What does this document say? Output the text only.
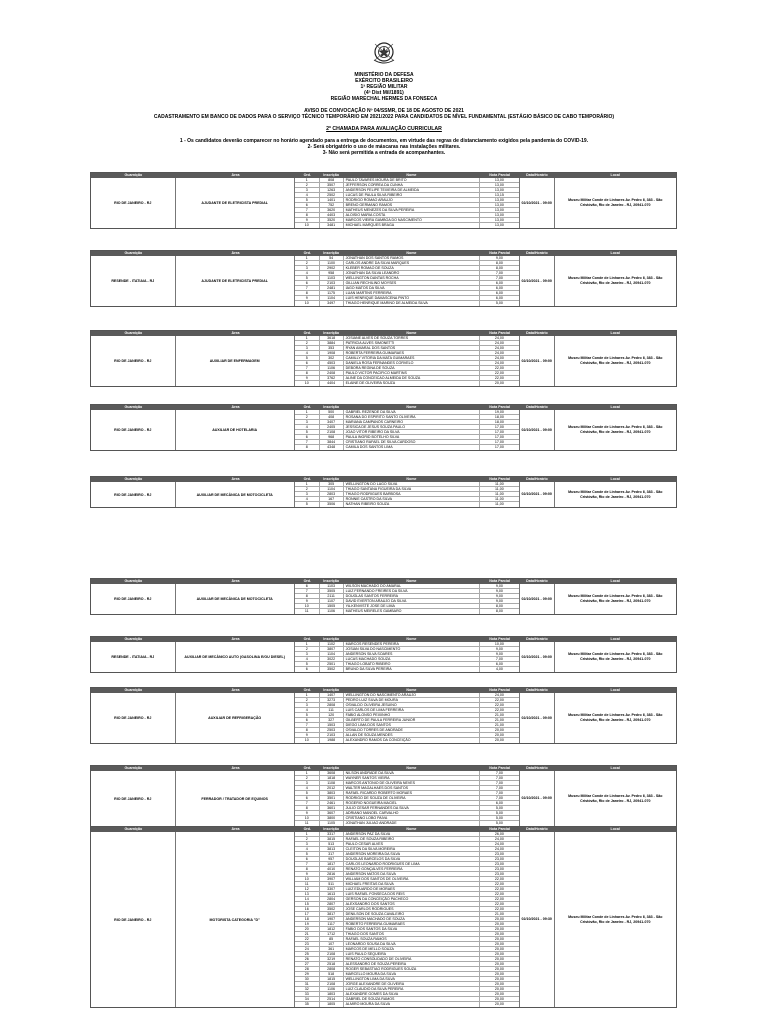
MINISTÉRIO DA DEFESA
EXÉRCITO BRASILEIRO
1ª REGIÃO MILITAR
(4ª Dist Mil/1891)
REGIÃO MARECHAL HERMES DA FONSECA
AVISO DE CONVOCAÇÃO Nº 04/SSMR, DE 18 DE AGOSTO DE 2021
CADASTRAMENTO EM BANCO DE DADOS PARA O SERVIÇO TÉCNICO TEMPORÁRIO EM 2021/2022 PARA CANDIDATOS DE NÍVEL FUNDAMENTAL (ESTÁGIO BÁSICO DE CABO TEMPORÁRIO)
2ª CHAMADA PARA AVALIAÇÃO CURRICULAR
1 - Os candidatos deverão comparecer no horário agendado para a entrega de documentos, em virtude das regras de distanciamento exigidos pela pandemia do COVID-19.
2- Será obrigatório o uso de máscaras nas instalações militares.
3- Não será permitida a entrada de acompanhantes.
Guarnição	Área	Ord.	Inscrição	Nome	Nota Parcial	Data/Horário	Local
RIO DE JANEIRO - RJ	AJUDANTE DE ELETRICISTA PREDIAL
1	808	PAULO TAVARES MOURA DE BRITO	13,00
2	3507	JEFFERSON CORREA DA CUNHA	13,00
3	1263	ANDERSON FELIPE TEIXEIRA DE ALMEIDA	13,00
4	2502	LUCAS DE PAULA SILVA RIBEIRO	13,15
5	1401	RODRIGO ROMAO ARAUJO	13,00
6	752	BRENO GERMANO RAMOS	13,00
7	3620	MATHEUS MENEZES DA SILVA PEREIRA	13,00
8	4403	ALOISIO MARIA COSTA	13,00
9	3520	MARCOS VIEIRA GAMBOA DO NASCIMENTO	13,00
10	3481	MICHAEL MARQUES BRAGA	13,00
02/10/2021 - 09:00
Museu Militar Conde de Linhares Av. Pedro II, 383 - São Cristóvão, Rio de Janeiro - RJ, 20941-070
Guarnição	Área	Ord.	Inscrição	Nome	Nota Parcial	Data/Horário	Local
RESENDE - ITATIAIA - RJ	AJUDANTE DE ELETRICISTA PREDIAL
1	54	JONATHAN DOS SANTOS RAMOS	9,00
2	1100	CARLOS ANDRE DA SILVA MARQUES	8,00
3	2902	KLEBER ROMAO DE SOUZA	8,00
4	958	JONATHAN DA SILVA LEANDRO	7,00
5	1103	WELLINGTON DANTAS ROCHA	7,00
6	2103	GILLIAN RECHILINO MOYSES	6,00
7	2481	IAGO MATOS DA SILVA	6,00
8	1175	LUAN MARTINS FERREIRA	6,00
9	1104	LUIS HENRIQUE DAMASCENA PINTO	6,00
10	3497	THIAGO HENRIQUE MARINO DE ALMEIDA SILVA	5,00
02/10/2021 - 09:00
Museu Militar Conde de Linhares Av. Pedro II, 383 - São Cristóvão, Rio de Janeiro - RJ, 20941-070
Guarnição	Área	Ord.	Inscrição	Nome	Nota Parcial	Data/Horário	Local
RIO DE JANEIRO - RJ	AUXILIAR DE ENFERMAGEM
1	3618	JOSIANE ALVES DE SOUZA TORRES	24,00
2	3884	PATRICIA ALVES SIMONETTI	24,00
3	353	RYAN AMARAL DOS SANTOS	24,00
4	1908	ROBERTA FERREIRA GUIMARAES	24,00
5	302	CAMILLY VITORIA DA MATA GUIMARAES	24,00
6	4503	DANIELA ROSA FERNANDES CORVELO	24,00
7	1106	DEBORA REGINA DE SOUZA	22,00
8	2408	PAULO VICTOR PACIFICO MARTINS	22,00
9	3762	ALINE DA CONCEICAO ALMEIDA DE SOUZA	22,00
10	4404	ELAINE DE OLIVEIRA SOUZA	20,00
02/10/2021 - 09:00
Museu Militar Conde de Linhares Av. Pedro II, 383 - São Cristóvão, Rio de Janeiro - RJ, 20941-070
Guarnição	Área	Ord.	Inscrição	Nome	Nota Parcial	Data/Horário	Local
RIO DE JANEIRO - RJ	AUXILIAR DE HOTELARIA
1	500	GABRIEL REZENDE DA SILVA	19,00
2	408	ROSANA DO ESPIRITO SANTO OLIVEIRA	18,00
3	3407	MARIANA CAMPANÓS CARNEIRO	18,00
4	2405	JESSICA DE JESUS SOUZA PAULO	17,00
5	2108	JOAO VITOR RIBEIRO DA SILVA	17,00
6	968	PAULA INGRID BOTELHO SILVA	17,00
7	3844	CRISTIANO RAFAEL DE SILVA CARDOSO	17,00
8	4348	CAMILA DOS SANTOS LIMA	17,00
02/10/2021 - 09:00
Museu Militar Conde de Linhares Av. Pedro II, 383 - São Cristóvão, Rio de Janeiro - RJ, 20941-070
Guarnição	Área	Ord.	Inscrição	Nome	Nota Parcial	Data/Horário	Local
RIO DE JANEIRO - RJ	AUXILIAR DE MECÂNICA DE MOTOCICLETA
1	305	WELLINGTON DO LAGO SILVA	11,00
2	1104	THIAGO SANTANA FIGUEIRA DA SILVA	11,00
3	2803	THIAGO RODRIGUES BARBOSA	11,00
4	167	RONNIE CASTRO DA SILVA	11,00
5	3506	NATHAN RIBEIRO SOUZA	11,00
02/10/2021 - 09:00
Museu Militar Conde de Linhares Av. Pedro II, 383 - São Cristóvão, Rio de Janeiro - RJ, 20941-070
Guarnição	Área	Ord.	Inscrição	Nome	Nota Parcial	Data/Horário	Local
RIO DE JANEIRO - RJ	AUXILIAR DE MECÂNICA DE MOTOCICLETA
6	1103	WILSON MACHADO DO AMARAL	9,00
7	3505	LUIZ FERNANDO FREIRES DA SILVA	9,00
8	2111	DOUGLAS SANTOS FERREIRA	9,00
9	1107	DAVID EVERTON ARAUJO DA SILVA	9,00
10	1505	YA-KENVISTE JOSE DE LIMA	8,00
11	1106	MATHEUS MEIRELES GAMBARO	8,00
02/10/2021 - 09:00
Museu Militar Conde de Linhares Av. Pedro II, 383 - São Cristóvão, Rio de Janeiro - RJ, 20941-070
Guarnição	Área	Ord.	Inscrição	Nome	Nota Parcial	Data/Horário	Local
RESENDE - ITATIAIA - RJ	AUXILIAR DE MECÂNICO AUTO (GASOLINA E/OU DIESEL)
1	1102	MARCOS RESENDES PEREIRA	10,00
2	3807	JOSIAN SILVA DO NASCIMENTO	9,00
3	1104	ANDERSON SILVA SOARES	9,00
4	3022	LUCAS MACHADO SOUZA	7,00
5	2501	THIAGO LOBATO RIBEIRO	6,00
6	3502	BRUNO DA SILVA PEREIRA	4,00
02/10/2021 - 09:00
Museu Militar Conde de Linhares Av. Pedro II, 383 - São Cristóvão, Rio de Janeiro - RJ, 20941-070
Guarnição	Área	Ord.	Inscrição	Nome	Nota Parcial	Data/Horário	Local
RIO DE JANEIRO - RJ	AUXILIAR DE REFRIGERAÇÃO
1	1407	WELLINGTON DO NASCIMENTO ARAUJO	24,00
2	3273	PEDRO LUIZ SILVA DE MOURA	22,00
3	2808	OSVALDO OLIVEIRA JESUINO	22,00
4	111	LUIS CARLOS DE LIMA FERREIRA	22,00
5	120	FABIO ALONSO PEIXINHO	21,00
6	327	GILBERTO DE PAULA FERREIRA JUNIOR	21,00
7	1503	DIEGO LIMA DOS SANTOS	21,00
8	2503	OSVALDO TORRES DE ANDRADE	20,00
9	2103	ALLAN DE SOUZA MENDES	20,00
10	1988	ALEXANDRO RAMOS DA CONCEIÇÃO	20,00
02/10/2021 - 09:00
Museu Militar Conde de Linhares Av. Pedro II, 383 - São Cristóvão, Rio de Janeiro - RJ, 20941-070
Guarnição	Área	Ord.	Inscrição	Nome	Nota Parcial	Data/Horário	Local
RIO DE JANEIRO - RJ	FERRADOR / TRATADOR DE EQUINOS
1	3608	NILSON ANDRADE DA SILVA	7,00
2	1818	WAYNER SANTOS VIEIRA	7,00
3	1108	MARCOS ANTONIO DE OLIVEIRA NEVES	7,00
4	2012	WALTER MAGALHAES DOS SANTOS	7,00
5	3803	RAFAEL RICARDO ROBERTO MORAES	7,00
6	3501	RODRIGO DE SOUZA DE OLIVEIRA	7,00
7	2461	ROGERIO NOGUEIRA MACIEL	6,00
8	3601	JULIO CESAR FERNANDES DA SILVA	5,00
9	3607	ADRIANO MANOEL CARVALHO	5,00
10	3800	CRISTIANO LOBO PAIVA	5,00
11	1105	JONATHAN JULIAO ANDRADE	5,00
02/10/2021 - 09:00
Museu Militar Conde de Linhares Av. Pedro II, 383 - São Cristóvão, Rio de Janeiro - RJ, 20941-070
Guarnição	Área	Ord.	Inscrição	Nome	Nota Parcial	Data/Horário	Local
RIO DE JANEIRO - RJ	MOTORISTA CATEGORIA "D"
1	3317	ANDERSON PAZ DA SILVA	26,00
2	3815	RAFAEL DE SOUZA RIBEIRO	24,00
3	513	PAULO CESAR ALVES	24,00
4	3813	CLEITON DA SILVA MOREIRA	24,00
5	317	ANDERSON MOREIRA DA SILVA	23,00
6	957	DOUGLAS BARCELOS DA SILVA	23,00
7	1817	CARLOS LEONARDO RODRIGUES DE LIMA	23,00
8	4010	RENATO GONÇALVES FERREIRA	23,00
9	2816	ANDERSON MATOS DA SILVA	23,00
10	3907	WILLIAM DOS SANTOS DE OLIVEIRA	22,00
11	511	MICHAEL FREITAS DA SILVA	22,00
12	3307	LUIZ EDUARDO DE MORAES	22,00
13	1613	LUIS RAFAEL FONSECA DOS REIS	22,00
14	2804	GERSON DA CONCEIÇÃO PACHECO	22,00
15	2807	ALEXSANDRO DOS SANTOS	22,00
16	3502	JOSE CARLOS RODRIGUES	22,00
17	3817	DENILSON DE SOUZA CAVALEIRO	21,00
18	1907	ANDERSON MACHADO DE SOUZA	20,00
19	1117	ROBERTO FERREIRA GUIMARAES	20,00
20	1812	FABIO DOS SANTOS DA SILVA	20,00
21	1712	THIAGO DOS SANTOS	20,00
22	85	RAFAEL SOUZA RAMOS	20,00
23	107	LEONARDO SOUSA DA SILVA	20,00
24	361	MARCOS DE MELLO SOUZA	20,00
25	2108	LUIS PAULO SEQUEIRA	20,00
26	3219	RENATO CONSOLIDADO DE OLIVEIRA	20,00
27	2518	ALESSANDRO DE SOUZA PEREIRA	20,00
28	2808	ROGER SEBASTIAO RODRIGUES SOUZA	20,00
29	518	MARCELLO MOURA DA SILVA	20,00
30	1815	WELLINGTON LIMA DA SILVA	20,00
31	2108	JORGE ALEXANDRE DE OLIVEIRA	20,00
32	1106	LUIZ CLAUDIO DA SILVA PEREIRA	20,00
33	1803	ALEXANDRE GOMES DA SILVA	20,00
34	2514	GABRIEL DE SOUZA RAMOS	20,00
35	1805	ALMIRO MOURA DA SILVA	20,00
02/10/2021 - 09:30
Museu Militar Conde de Linhares Av. Pedro II, 383 - São Cristóvão, Rio de Janeiro - RJ, 20941-070
